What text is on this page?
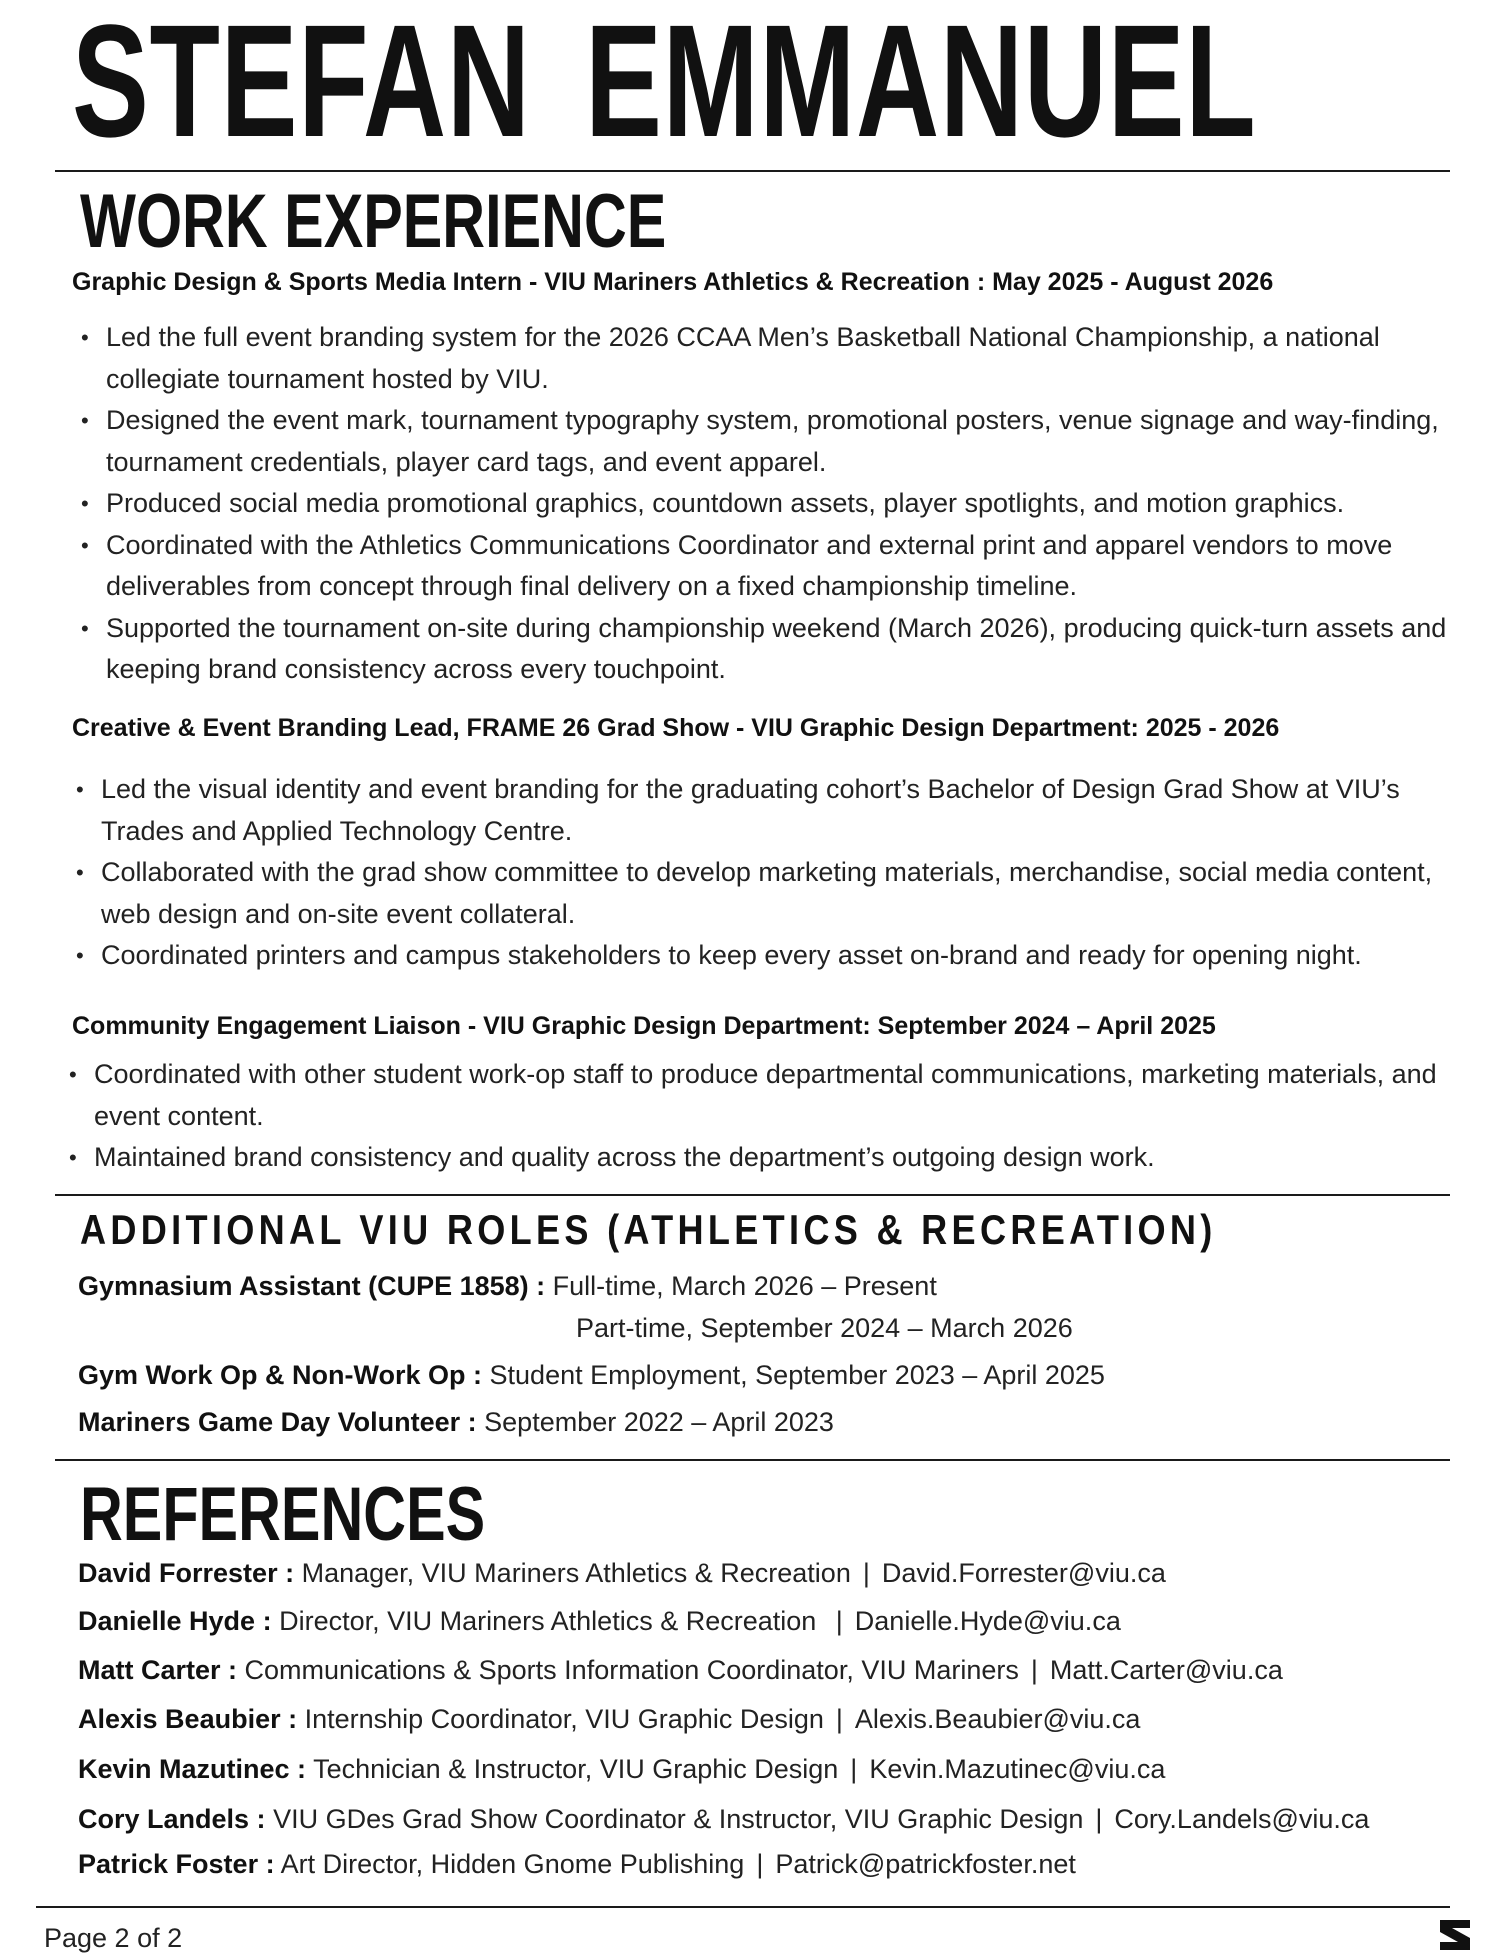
STEFAN EMMANUEL
WORK EXPERIENCE
Graphic Design & Sports Media Intern - VIU Mariners Athletics & Recreation : May 2025 - August 2026
• Led the full event branding system for the 2026 CCAA Men’s Basketball National Championship, a national collegiate tournament hosted by VIU.
• Designed the event mark, tournament typography system, promotional posters, venue signage and way-finding, tournament credentials, player card tags, and event apparel.
• Produced social media promotional graphics, countdown assets, player spotlights, and motion graphics.
• Coordinated with the Athletics Communications Coordinator and external print and apparel vendors to move deliverables from concept through final delivery on a fixed championship timeline.
• Supported the tournament on-site during championship weekend (March 2026), producing quick-turn assets and keeping brand consistency across every touchpoint.
Creative & Event Branding Lead, FRAME 26 Grad Show - VIU Graphic Design Department: 2025 - 2026
• Led the visual identity and event branding for the graduating cohort’s Bachelor of Design Grad Show at VIU’s Trades and Applied Technology Centre.
• Collaborated with the grad show committee to develop marketing materials, merchandise, social media content, web design and on-site event collateral.
• Coordinated printers and campus stakeholders to keep every asset on-brand and ready for opening night.
Community Engagement Liaison - VIU Graphic Design Department: September 2024 – April 2025
• Coordinated with other student work-op staff to produce departmental communications, marketing materials, and event content.
• Maintained brand consistency and quality across the department’s outgoing design work.
ADDITIONAL VIU ROLES (ATHLETICS & RECREATION)
Gymnasium Assistant (CUPE 1858) : Full-time, March 2026 – Present
Part-time, September 2024 – March 2026
Gym Work Op & Non-Work Op : Student Employment, September 2023 – April 2025
Mariners Game Day Volunteer : September 2022 – April 2023
REFERENCES
David Forrester : Manager, VIU Mariners Athletics & Recreation | David.Forrester@viu.ca
Danielle Hyde : Director, VIU Mariners Athletics & Recreation | Danielle.Hyde@viu.ca
Matt Carter : Communications & Sports Information Coordinator, VIU Mariners | Matt.Carter@viu.ca
Alexis Beaubier : Internship Coordinator, VIU Graphic Design | Alexis.Beaubier@viu.ca
Kevin Mazutinec : Technician & Instructor, VIU Graphic Design | Kevin.Mazutinec@viu.ca
Cory Landels : VIU GDes Grad Show Coordinator & Instructor, VIU Graphic Design | Cory.Landels@viu.ca
Patrick Foster : Art Director, Hidden Gnome Publishing | Patrick@patrickfoster.net
Page 2 of 2
